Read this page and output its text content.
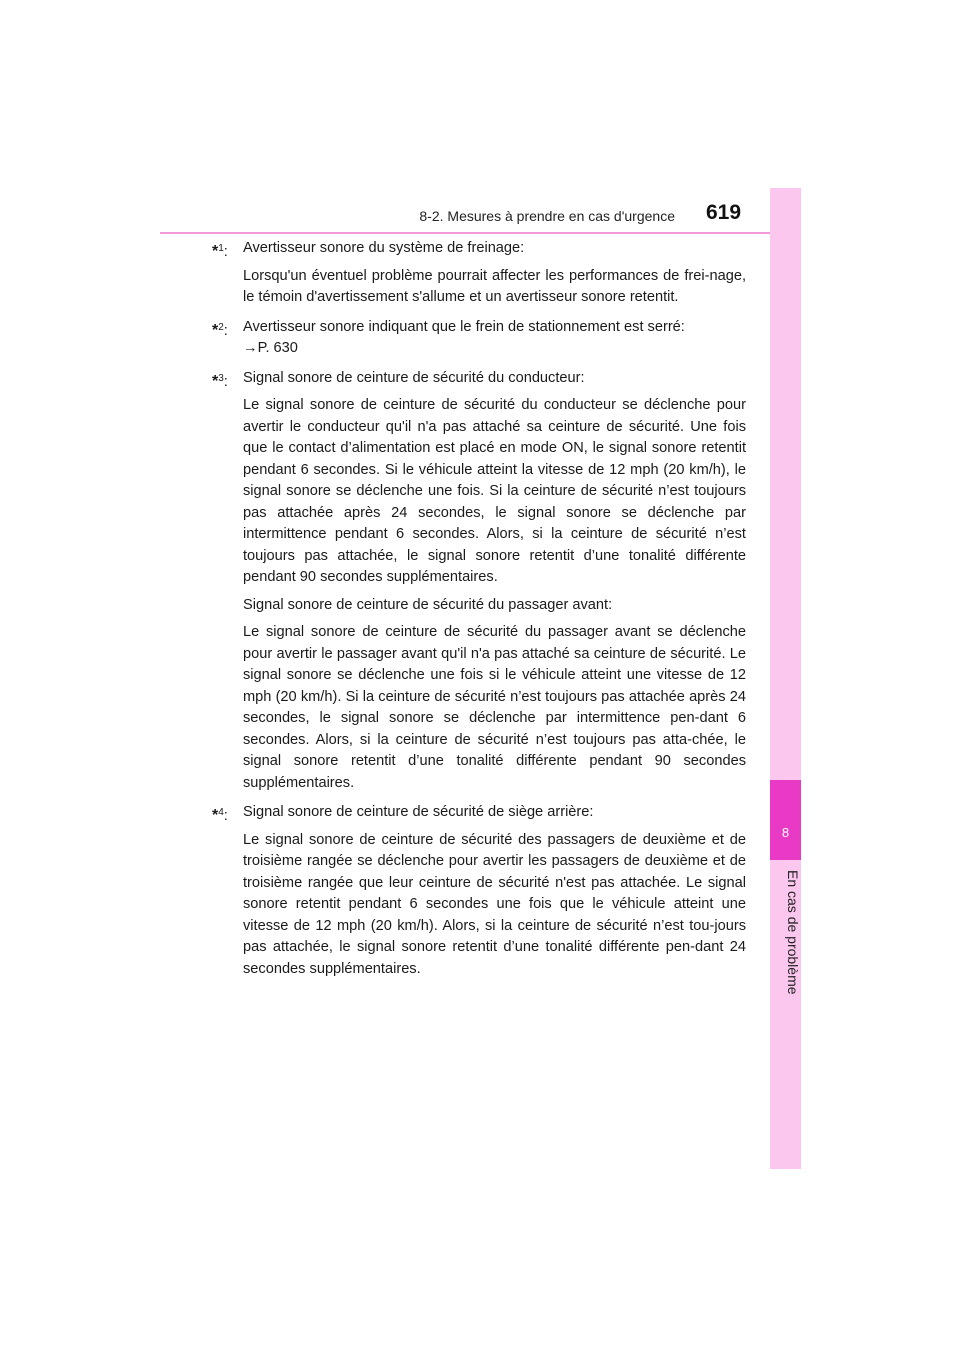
8-2. Mesures à prendre en cas d'urgence 619
8
En cas de problème
*$^1$: Avertisseur sonore du système de freinage:
Lorsqu'un éventuel problème pourrait affecter les performances de frei-nage, le témoin d'avertissement s'allume et un avertisseur sonore retentit.
*$^2$: Avertisseur sonore indiquant que le frein de stationnement est serré:
→P. 630
*$^3$: Signal sonore de ceinture de sécurité du conducteur:
Le signal sonore de ceinture de sécurité du conducteur se déclenche pour avertir le conducteur qu'il n'a pas attaché sa ceinture de sécurité. Une fois que le contact d’alimentation est placé en mode ON, le signal sonore retentit pendant 6 secondes. Si le véhicule atteint la vitesse de 12 mph (20 km/h), le signal sonore se déclenche une fois. Si la ceinture de sécurité n’est toujours pas attachée après 24 secondes, le signal sonore se déclenche par intermittence pendant 6 secondes. Alors, si la ceinture de sécurité n’est toujours pas attachée, le signal sonore retentit d’une tonalité différente pendant 90 secondes supplémentaires.
Signal sonore de ceinture de sécurité du passager avant:
Le signal sonore de ceinture de sécurité du passager avant se déclenche pour avertir le passager avant qu'il n'a pas attaché sa ceinture de sécurité. Le signal sonore se déclenche une fois si le véhicule atteint une vitesse de 12 mph (20 km/h). Si la ceinture de sécurité n’est toujours pas attachée après 24 secondes, le signal sonore se déclenche par intermittence pen-dant 6 secondes. Alors, si la ceinture de sécurité n’est toujours pas atta-chée, le signal sonore retentit d’une tonalité différente pendant 90 secondes supplémentaires.
*$^4$: Signal sonore de ceinture de sécurité de siège arrière:
Le signal sonore de ceinture de sécurité des passagers de deuxième et de troisième rangée se déclenche pour avertir les passagers de deuxième et de troisième rangée que leur ceinture de sécurité n'est pas attachée. Le signal sonore retentit pendant 6 secondes une fois que le véhicule atteint une vitesse de 12 mph (20 km/h). Alors, si la ceinture de sécurité n’est tou-jours pas attachée, le signal sonore retentit d’une tonalité différente pen-dant 24 secondes supplémentaires.
